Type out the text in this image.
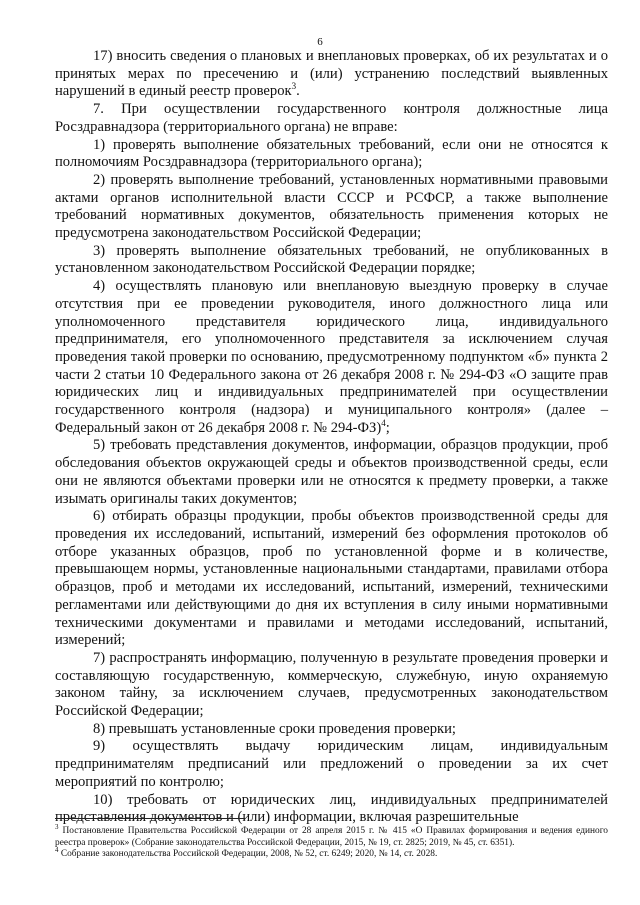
6

17) вносить сведения о плановых и внеплановых проверках, об их результатах и о принятых мерах по пресечению и (или) устранению последствий выявленных нарушений в единый реестр проверок$^3$.

7. При осуществлении государственного контроля должностные лица Росздравнадзора (территориального органа) не вправе:

1) проверять выполнение обязательных требований, если они не относятся к полномочиям Росздравнадзора (территориального органа);

2) проверять выполнение требований, установленных нормативными правовыми актами органов исполнительной власти СССР и РСФСР, а также выполнение требований нормативных документов, обязательность применения которых не предусмотрена законодательством Российской Федерации;

3) проверять выполнение обязательных требований, не опубликованных в установленном законодательством Российской Федерации порядке;

4) осуществлять плановую или внеплановую выездную проверку в случае отсутствия при ее проведении руководителя, иного должностного лица или уполномоченного представителя юридического лица, индивидуального предпринимателя, его уполномоченного представителя за исключением случая проведения такой проверки по основанию, предусмотренному подпунктом «б» пункта 2 части 2 статьи 10 Федерального закона от 26 декабря 2008 г. № 294-ФЗ «О защите прав юридических лиц и индивидуальных предпринимателей при осуществлении государственного контроля (надзора) и муниципального контроля» (далее – Федеральный закон от 26 декабря 2008 г. № 294-ФЗ)$^4$;

5) требовать представления документов, информации, образцов продукции, проб обследования объектов окружающей среды и объектов производственной среды, если они не являются объектами проверки или не относятся к предмету проверки, а также изымать оригиналы таких документов;

6) отбирать образцы продукции, пробы объектов производственной среды для проведения их исследований, испытаний, измерений без оформления протоколов об отборе указанных образцов, проб по установленной форме и в количестве, превышающем нормы, установленные национальными стандартами, правилами отбора образцов, проб и методами их исследований, испытаний, измерений, техническими регламентами или действующими до дня их вступления в силу иными нормативными техническими документами и правилами и методами исследований, испытаний, измерений;

7) распространять информацию, полученную в результате проведения проверки и составляющую государственную, коммерческую, служебную, иную охраняемую законом тайну, за исключением случаев, предусмотренных законодательством Российской Федерации;

8) превышать установленные сроки проведения проверки;

9) осуществлять выдачу юридическим лицам, индивидуальным предпринимателям предписаний или предложений о проведении за их счет мероприятий по контролю;

10) требовать от юридических лиц, индивидуальных предпринимателей представления документов и (или) информации, включая разрешительные

$^3$ Постановление Правительства Российской Федерации от 28 апреля 2015 г. № 415 «О Правилах формирования и ведения единого реестра проверок» (Собрание законодательства Российской Федерации, 2015, № 19, ст. 2825; 2019, № 45, ст. 6351).

$^4$ Собрание законодательства Российской Федерации, 2008, № 52, ст. 6249; 2020, № 14, ст. 2028.
